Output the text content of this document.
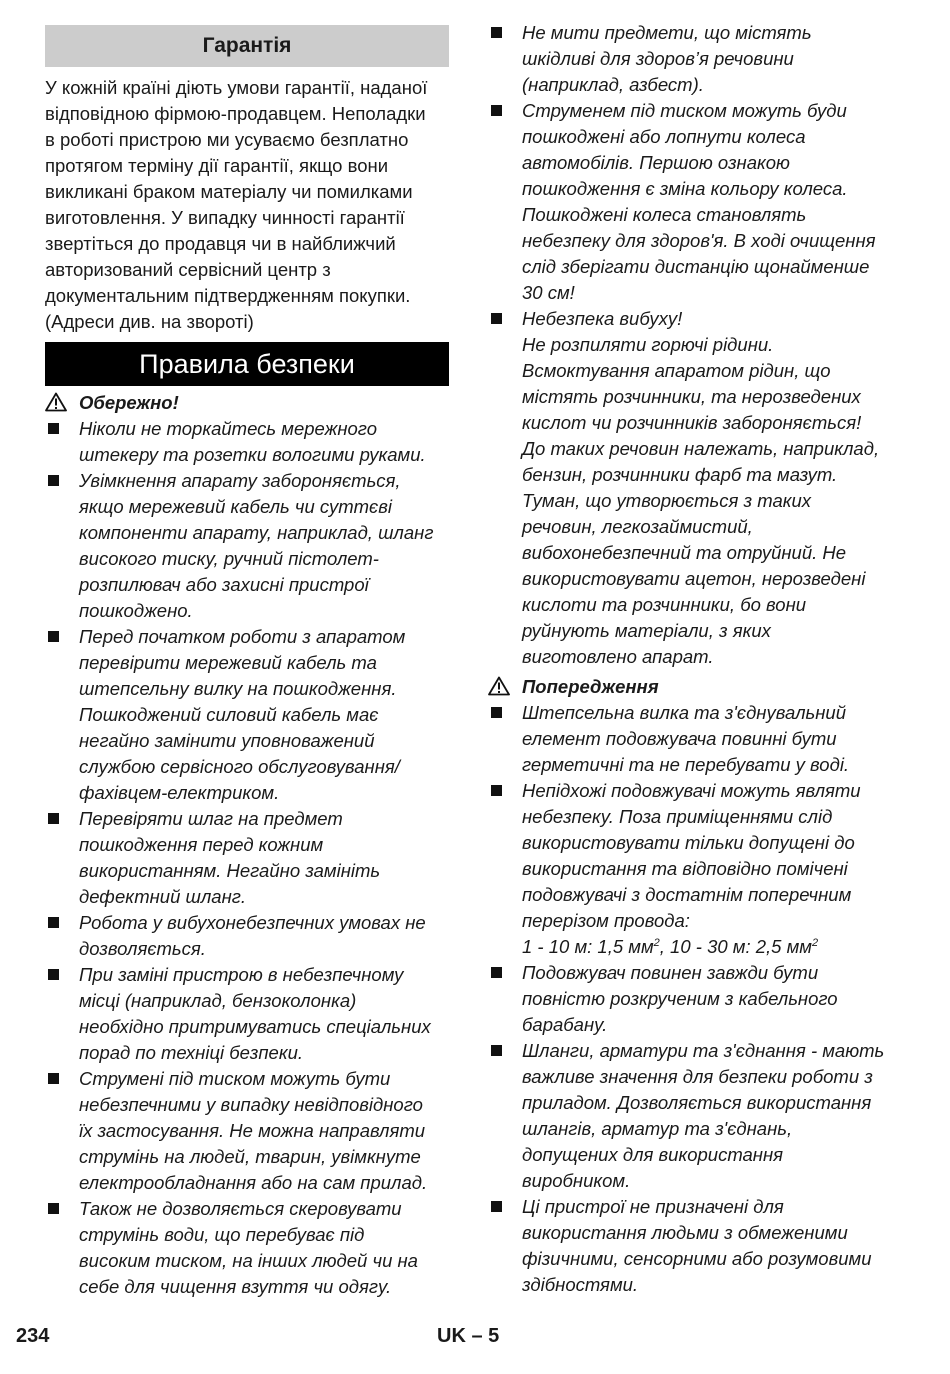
Гарантія
У кожній країні діють умови гарантії, наданої
відповідною фірмою-продавцем. Неполадки
в роботі пристрою ми усуваємо безплатно
протягом терміну дії гарантії, якщо вони
викликані браком матеріалу чи помилками
виготовлення. У випадку чинності гарантії
звертіться до продавця чи в найближчий
авторизований сервісний центр з
документальним підтвердженням покупки.
(Адреси див. на звороті)
Правила безпеки
Обережно!
Ніколи не торкайтесь мережного
штекеру та розетки вологими руками.
Увімкнення апарату забороняється,
якщо мережевий кабель чи суттєві
компоненти апарату, наприклад, шланг
високого тиску, ручний пістолет-
розпилювач або захисні пристрої
пошкоджено.
Перед початком роботи з апаратом
перевірити мережевий кабель та
штепсельну вилку на пошкодження.
Пошкоджений силовий кабель має
негайно замінити уповноважений
службою сервісного обслуговування/
фахівцем-електриком.
Перевіряти шлаг на предмет
пошкодження перед кожним
використанням. Негайно замініть
дефектний шланг.
Робота у вибухонебезпечних умовах не
дозволяється.
При заміні пристрою в небезпечному
місці (наприклад, бензоколонка)
необхідно притримуватись спеціальних
порад по техніці безпеки.
Струмені під тиском можуть бути
небезпечними у випадку невідповідного
їх застосування. Не можна направляти
струмінь на людей, тварин, увімкнуте
електрообладнання або на сам прилад.
Також не дозволяється скеровувати
струмінь води, що перебуває під
високим тиском, на інших людей чи на
себе для чищення взуття чи одягу.
Не мити предмети, що містять
шкідливі для здоров’я речовини
(наприклад, азбест).
Струменем під тиском можуть буди
пошкоджені або лопнути колеса
автомобілів. Першою ознакою
пошкодження є зміна кольору колеса.
Пошкоджені колеса становлять
небезпеку для здоров'я. В ході очищення
слід зберігати дистанцію щонайменше
30 см!
Небезпека вибуху!
Не розпиляти горючі рідини.
Всмоктування апаратом рідин, що
містять розчинники, та нерозведених
кислот чи розчинників забороняється!
До таких речовин належать, наприклад,
бензин, розчинники фарб та мазут.
Туман, що утворюється з таких
речовин, легкозаймистий,
вибохонебезпечний та отруйний. Не
використовувати ацетон, нерозведені
кислоти та розчинники, бо вони
руйнують матеріали, з яких
виготовлено апарат.
Попередження
Штепсельна вилка та з'єднувальний
елемент подовжувача повинні бути
герметичні та не перебувати у воді.
Непідхожі подовжувачі можуть являти
небезпеку. Поза приміщеннями слід
використовувати тільки допущені до
використання та відповідно помічені
подовжувачі з достатнім поперечним
перерізом провода:
1 - 10 м: 1,5 $мм^2$, 10 - 30 м: 2,5 $мм^2$
Подовжувач повинен завжди бути
повністю розкрученим з кабельного
барабану.
Шланги, арматури та з'єднання - мають
важливе значення для безпеки роботи з
приладом. Дозволяється використання
шлангів, арматур та з'єднань,
допущених для використання
виробником.
Ці пристрої не призначені для
використання людьми з обмеженими
фізичними, сенсорними або розумовими
здібностями.
234	UK – 5
